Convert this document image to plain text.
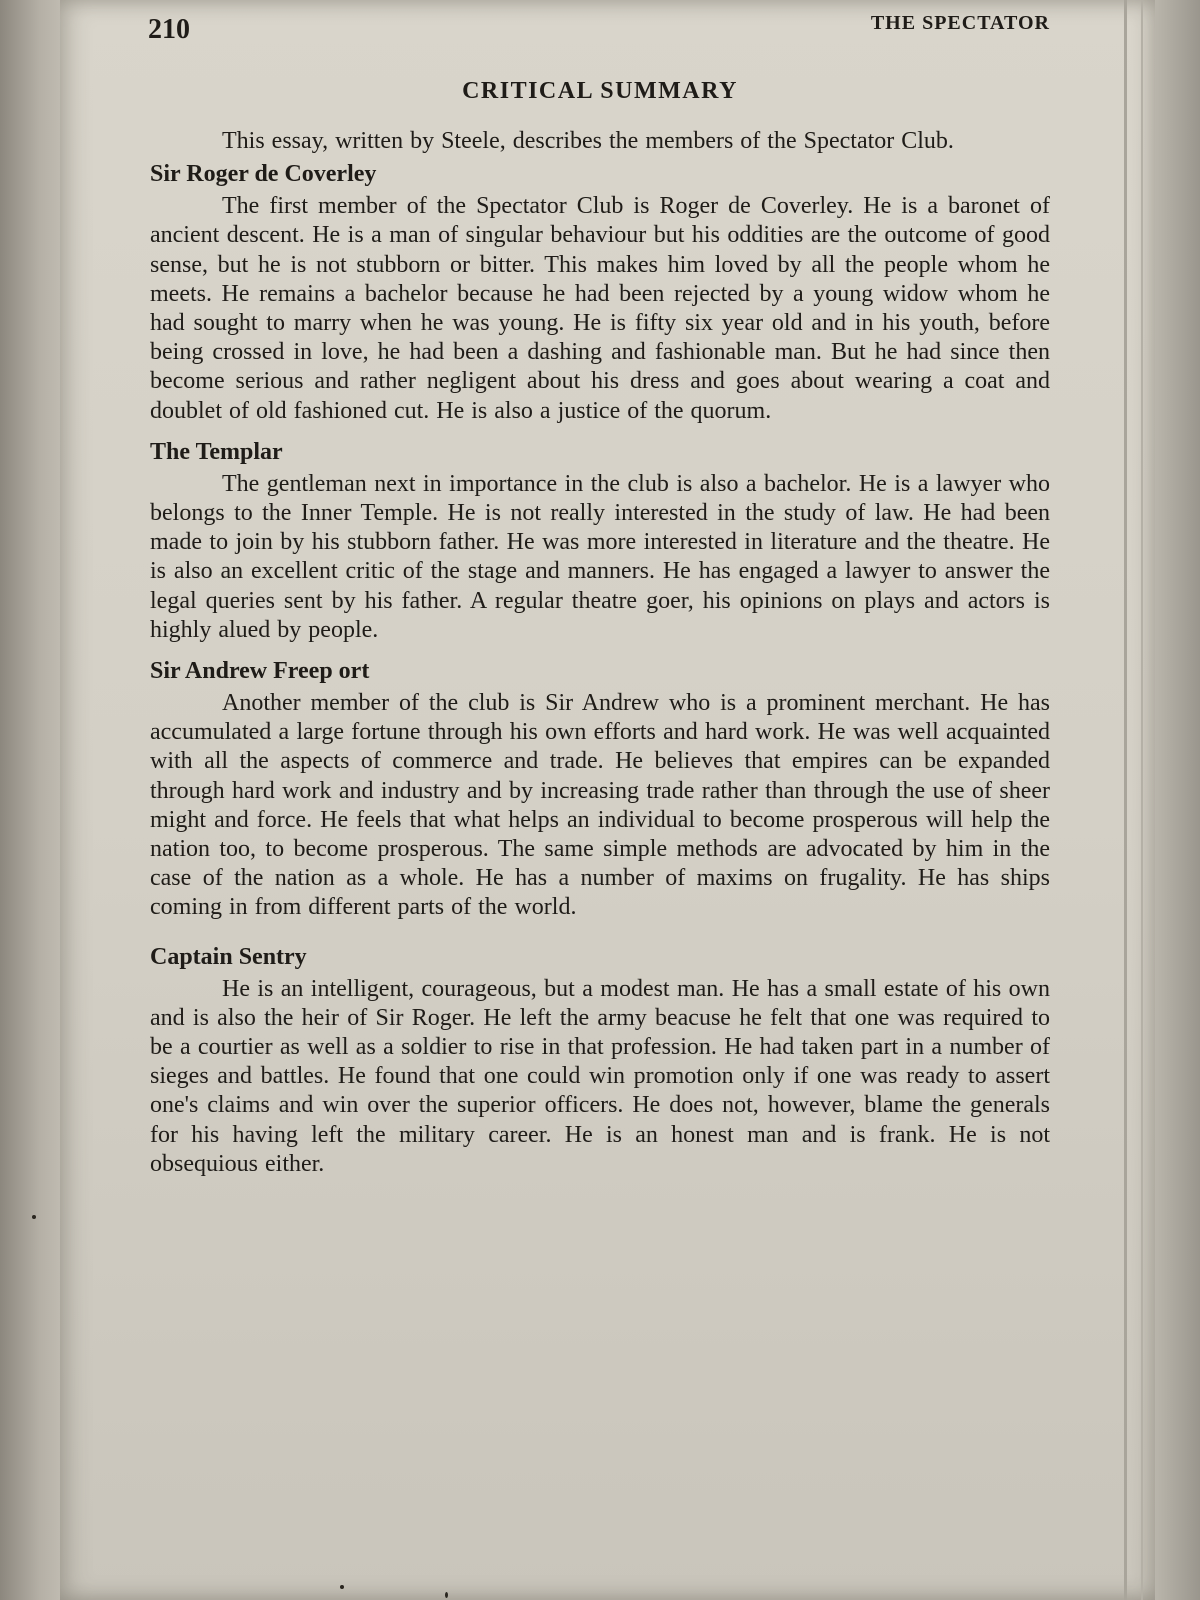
210	THE SPECTATOR
CRITICAL SUMMARY

This essay, written by Steele, describes the members of the Spectator Club.

Sir Roger de Coverley

The first member of the Spectator Club is Roger de Coverley. He is a baronet of ancient descent. He is a man of singular behaviour but his oddities are the outcome of good sense, but he is not stubborn or bitter. This makes him loved by all the people whom he meets. He remains a bachelor because he had been rejected by a young widow whom he had sought to marry when he was young. He is fifty six year old and in his youth, before being crossed in love, he had been a dashing and fashionable man. But he had since then become serious and rather negligent about his dress and goes about wearing a coat and doublet of old fashioned cut. He is also a justice of the quorum.

The Templar

The gentleman next in importance in the club is also a bachelor. He is a lawyer who belongs to the Inner Temple. He is not really interested in the study of law. He had been made to join by his stubborn father. He was more interested in literature and the theatre. He is also an excellent critic of the stage and manners. He has engaged a lawyer to answer the legal queries sent by his father. A regular theatre goer, his opinions on plays and actors is highly alued by people.

Sir Andrew Freep ort

Another member of the club is Sir Andrew who is a prominent merchant. He has accumulated a large fortune through his own efforts and hard work. He was well acquainted with all the aspects of commerce and trade. He believes that empires can be expanded through hard work and industry and by increasing trade rather than through the use of sheer might and force. He feels that what helps an individual to become prosperous will help the nation too, to become prosperous. The same simple methods are advocated by him in the case of the nation as a whole. He has a number of maxims on frugality. He has ships coming in from different parts of the world.

Captain Sentry

He is an intelligent, courageous, but a modest man. He has a small estate of his own and is also the heir of Sir Roger. He left the army beacuse he felt that one was required to be a courtier as well as a soldier to rise in that profession. He had taken part in a number of sieges and battles. He found that one could win promotion only if one was ready to assert one's claims and win over the superior officers. He does not, however, blame the generals for his having left the military career. He is an honest man and is frank. He is not obsequious either.
